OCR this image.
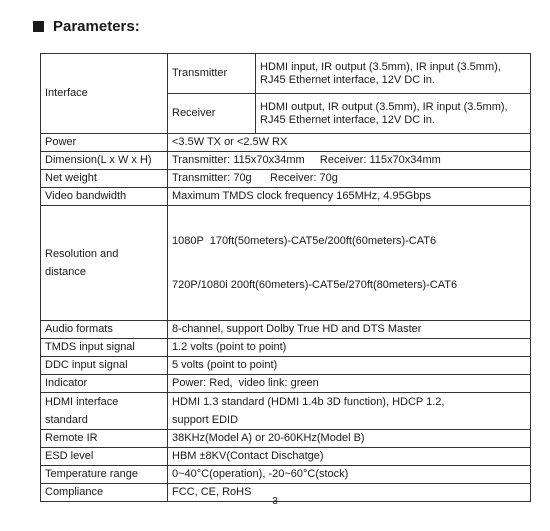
Parameters:
Interface	Transmitter	HDMI input, IR output (3.5mm), IR input (3.5mm), RJ45 Ethernet interface, 12V DC in.
	Receiver	HDMI output, IR output (3.5mm), IR input (3.5mm), RJ45 Ethernet interface, 12V DC in.
Power	<3.5W TX or <2.5W RX	
Dimension(L x W x H)	Transmitter: 115x70x34mm     Receiver: 115x70x34mm	
Net weight	Transmitter: 70g      Receiver: 70g	
Video bandwidth	Maximum TMDS clock frequency 165MHz, 4.95Gbps	

Resolution and
distance	1080P  170ft(50meters)-CAT5e/200ft(60meters)-CAT6

720P/1080i 200ft(60meters)-CAT5e/270ft(80meters)-CAT6	

Audio formats	8-channel, support Dolby True HD and DTS Master	
TMDS input signal	1.2 volts (point to point)	
DDC input signal	5 volts (point to point)	
Indicator	Power: Red,  video link: green	

HDMI interface
standard	HDMI 1.3 standard (HDMI 1.4b 3D function), HDCP 1.2,
support EDID	

Remote IR	38KHz(Model A) or 20-60KHz(Model B)	
ESD level	HBM ±8KV(Contact Dischatge)	
Temperature range	0~40°C(operation), -20~60°C(stock)	
Compliance	FCC, CE, RoHS	
3
